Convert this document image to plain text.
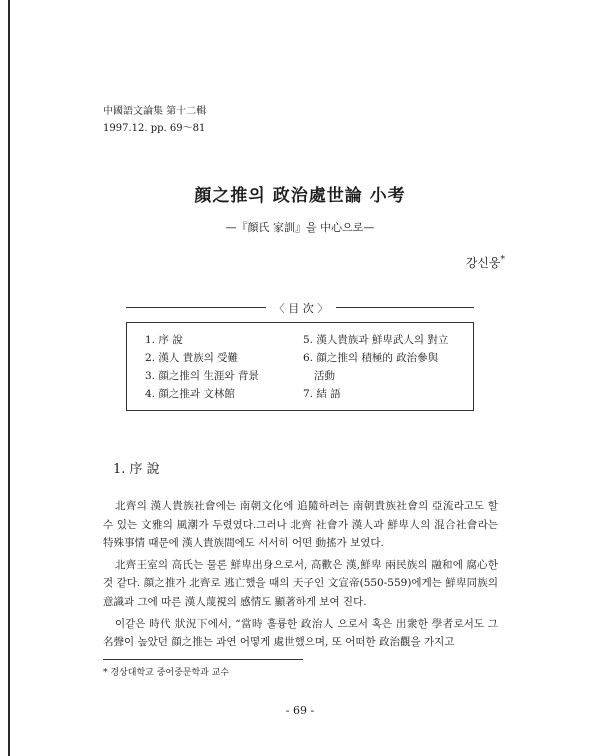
中國語文論集 第十二輯
1997.12. pp. 69～81
顔之推의 政治處世論 小考
—『顔氏 家訓』을 中心으로—
강신웅*
〈 目 次 〉
1. 序 說
2. 漢人 貴族의 受難
3. 顔之推의 生涯와 背景
4. 顔之推과 文林館
5. 漢人貴族과 鮮卑武人의 對立
6. 顔之推의 積極的 政治參與
活動
7. 結 語
1. 序 說

北齊의 漢人貴族社會에는 南朝文化에 追隨하려는 南朝貴族社會의 亞流라고도 할 수 있는 文雅의 風潮가 두렸였다.그러나 北齊 社會가 漢人과 鮮卑人의 混合社會라는 特殊事情 때문에 漢人貴族間에도 서서히 어떤 動搖가 보였다.

北齊王室의 高氏는 물론 鮮卑出身으로서, 高歡은 漢,鮮卑 兩民族의 融和에 腐心한 것 같다. 顔之推가 北齊로 逃亡했을 때의 天子인 文宣帝(550-559)에게는 鮮卑同族의 意識과 그에 따른 漢人蔑視의 感情도 顯著하게 보여 진다.

이같은 時代 狀況下에서, “當時 훌륭한 政治人 으로서 혹은 出衆한 學者로서도 그 名聲이 높았던 顔之推는 과연 어떻게 處世했으며, 또 어떠한 政治觀을 가지고

* 경상대학교 중어중문학과 교수
- 69 -
